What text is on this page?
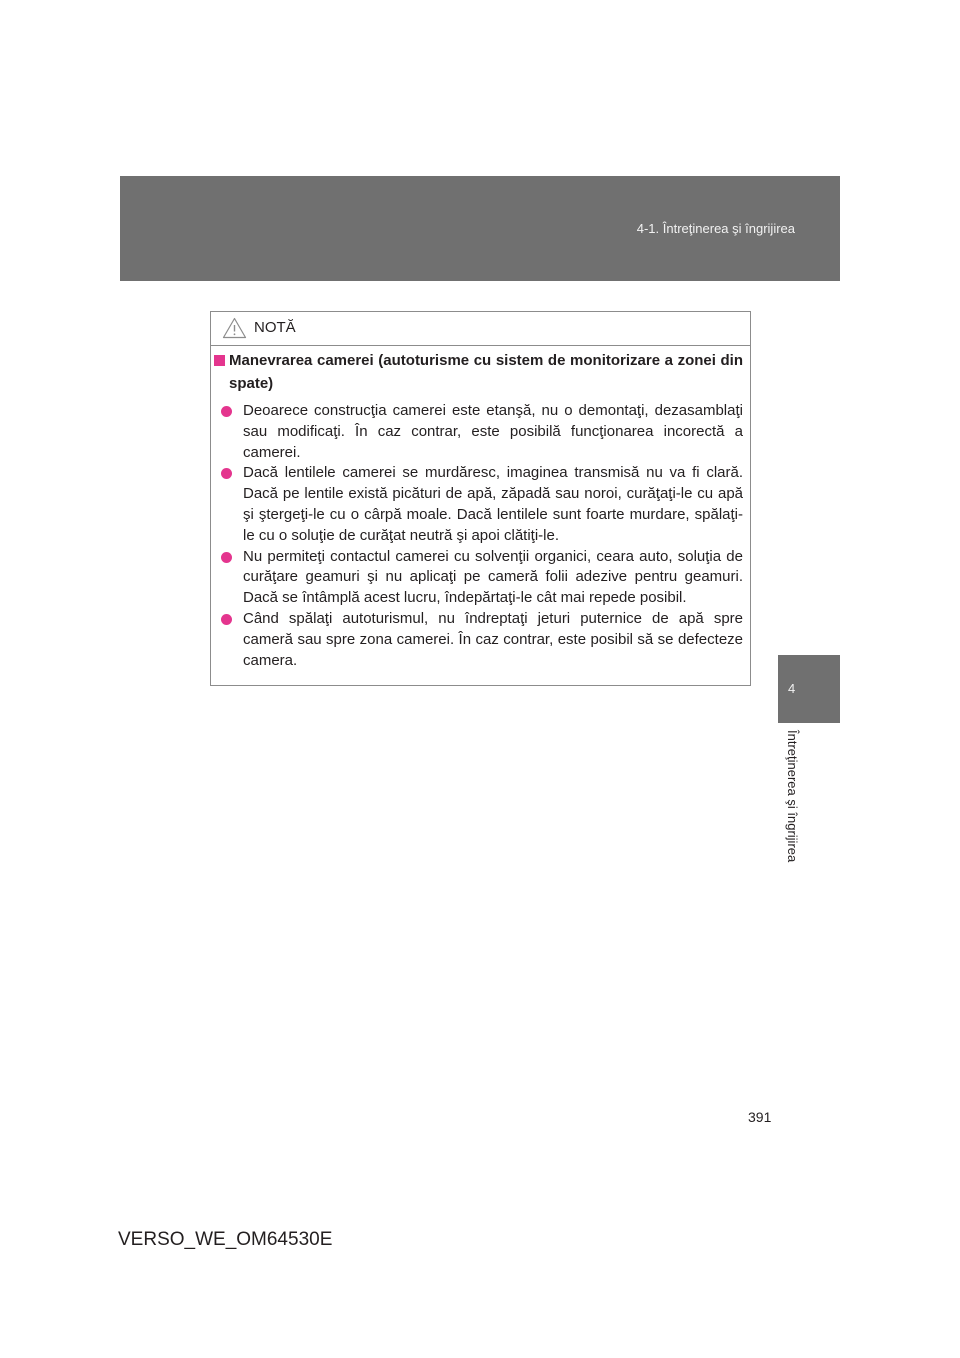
4-1. Întreţinerea şi îngrijirea
4
Întreţinerea şi îngrijirea
NOTĂ
Manevrarea camerei (autoturisme cu sistem de monitorizare a zonei din spate)
Deoarece construcţia camerei este etanşă, nu o demontaţi, dezasamblaţi sau modificaţi. În caz contrar, este posibilă funcţionarea incorectă a camerei.
Dacă lentilele camerei se murdăresc, imaginea transmisă nu va fi clară. Dacă pe lentile există picături de apă, zăpadă sau noroi, curăţaţi-le cu apă şi ştergeţi-le cu o cârpă moale. Dacă lentilele sunt foarte murdare, spălaţi-le cu o soluţie de curăţat neutră şi apoi clătiţi-le.
Nu permiteţi contactul camerei cu solvenţii organici, ceara auto, soluţia de curăţare geamuri şi nu aplicaţi pe cameră folii adezive pentru geamuri. Dacă se întâmplă acest lucru, îndepărtaţi-le cât mai repede posibil.
Când spălaţi autoturismul, nu îndreptaţi jeturi puternice de apă spre cameră sau spre zona camerei. În caz contrar, este posibil să se defecteze camera.
391
VERSO_WE_OM64530E
